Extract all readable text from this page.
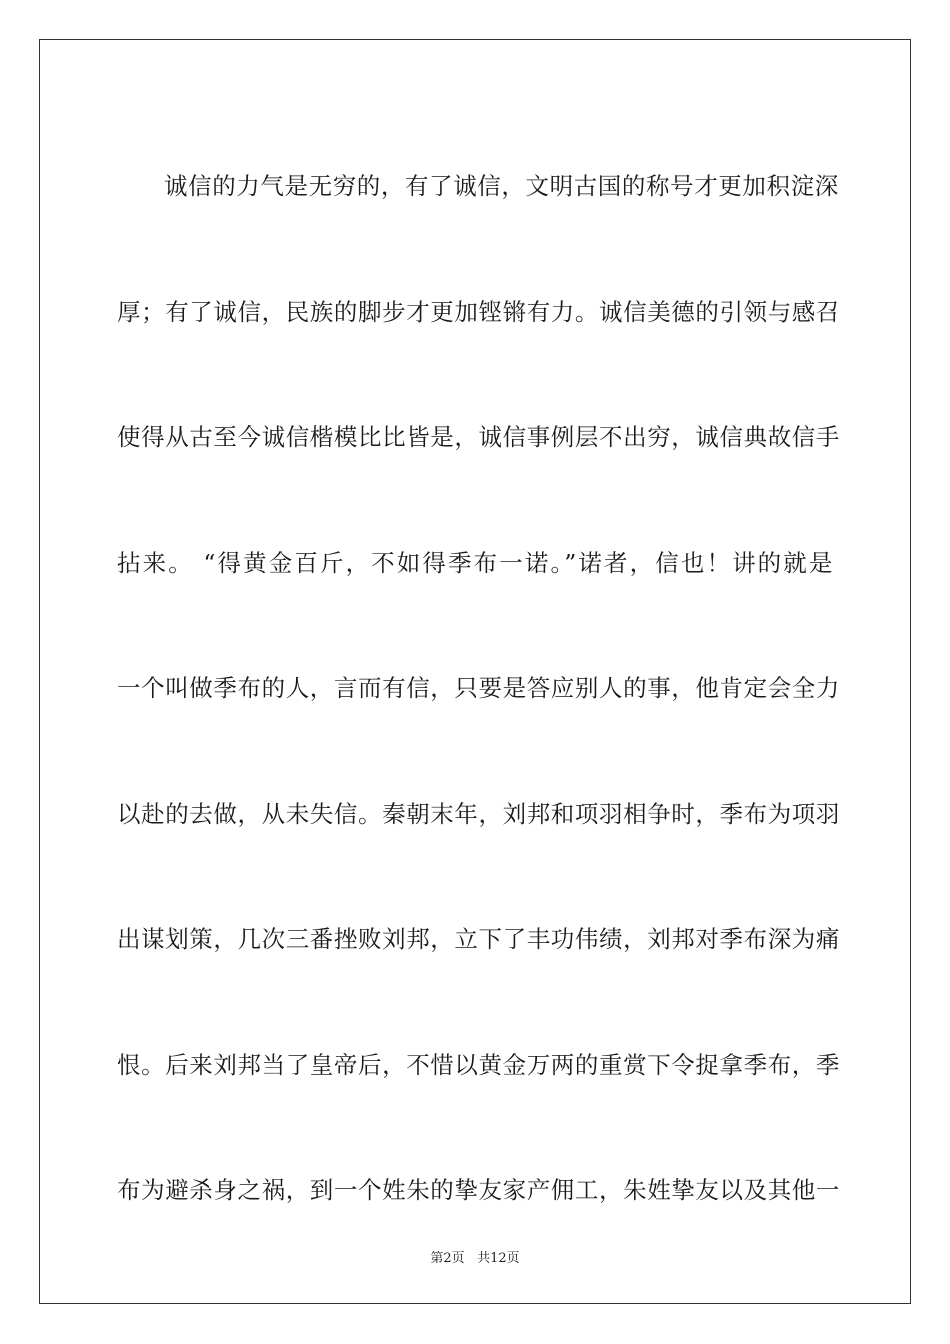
诚信的力气是无穷的，有了诚信，文明古国的称号才更加积淀深
厚；有了诚信，民族的脚步才更加铿锵有力。诚信美德的引领与感召
使得从古至今诚信楷模比比皆是，诚信事例层不出穷，诚信典故信手
拈来。 “得黄金百斤，不如得季布一诺。”诺者，信也！讲的就是
一个叫做季布的人，言而有信，只要是答应别人的事，他肯定会全力
以赴的去做，从未失信。秦朝末年，刘邦和项羽相争时，季布为项羽
出谋划策，几次三番挫败刘邦，立下了丰功伟绩，刘邦对季布深为痛
恨。后来刘邦当了皇帝后，不惜以黄金万两的重赏下令捉拿季布，季
布为避杀身之祸，到一个姓朱的挚友家产佣工，朱姓挚友以及其他一
第2页 共12页
